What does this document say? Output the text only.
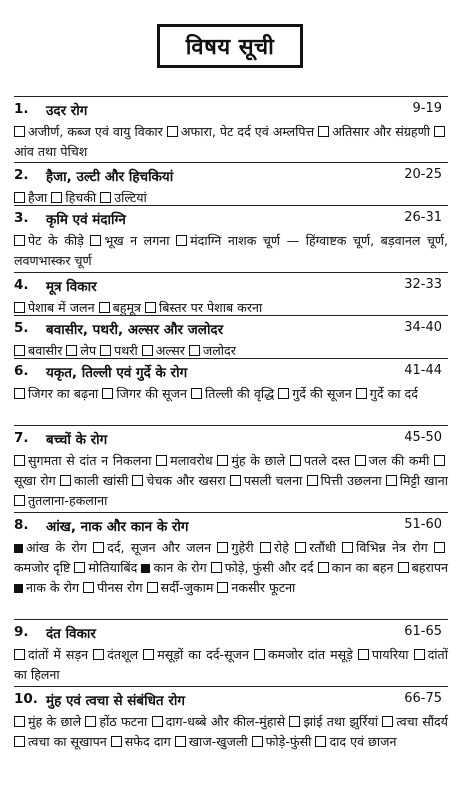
विषय सूची
1. उदर रोग	9-19
अजीर्ण, कब्ज एवं वायु विकार अफारा, पेट दर्द एवं अम्लपित्त अतिसार और संग्रहणी आंव तथा पेचिश
2. हैजा, उल्टी और हिचकियां	20-25
हैजा हिचकी उल्टियां
3. कृमि एवं मंदाग्नि	26-31
पेट के कीड़े भूख न लगना मंदाग्नि नाशक चूर्ण — हिंग्वाष्टक चूर्ण, बड़वानल चूर्ण, लवणभास्कर चूर्ण
4. मूत्र विकार	32-33
पेशाब में जलन बहुमूत्र बिस्तर पर पेशाब करना
5. बवासीर, पथरी, अल्सर और जलोदर	34-40
बवासीर लेप पथरी अल्सर जलोदर
6. यकृत, तिल्ली एवं गुर्दे के रोग	41-44
जिगर का बढ़ना जिगर की सूजन तिल्ली की वृद्धि गुर्दे की सूजन गुर्दे का दर्द
7. बच्चों के रोग	45-50
सुगमता से दांत न निकलना मलावरोध मुंह के छाले पतले दस्त जल की कमी सूखा रोग काली खांसी चेचक और खसरा पसली चलना पित्ती उछलना मिट्टी खाना तुतलाना-हकलाना
8. आंख, नाक और कान के रोग	51-60
आंख के रोग दर्द, सूजन और जलन गुहेरी रोहे रतौंधी विभिन्न नेत्र रोग कमजोर दृष्टि मोतियाबिंद कान के रोग फोड़े, फुंसी और दर्द कान का बहन बहरापन नाक के रोग पीनस रोग सर्दी-जुकाम नकसीर फूटना
9. दंत विकार	61-65
दांतों में सड़न दंतशूल मसूड़ों का दर्द-सूजन कमजोर दांत मसूड़े पायरिया दांतों का हिलना
10. मुंह एवं त्वचा से संबंधित रोग	66-75
मुंह के छाले होंठ फटना दाग-धब्बे और कील-मुंहासे झांई तथा झुर्रियां त्वचा सौंदर्य त्वचा का सूखापन सफेद दाग खाज-खुजली फोड़े-फुंसी दाद एवं छाजन
